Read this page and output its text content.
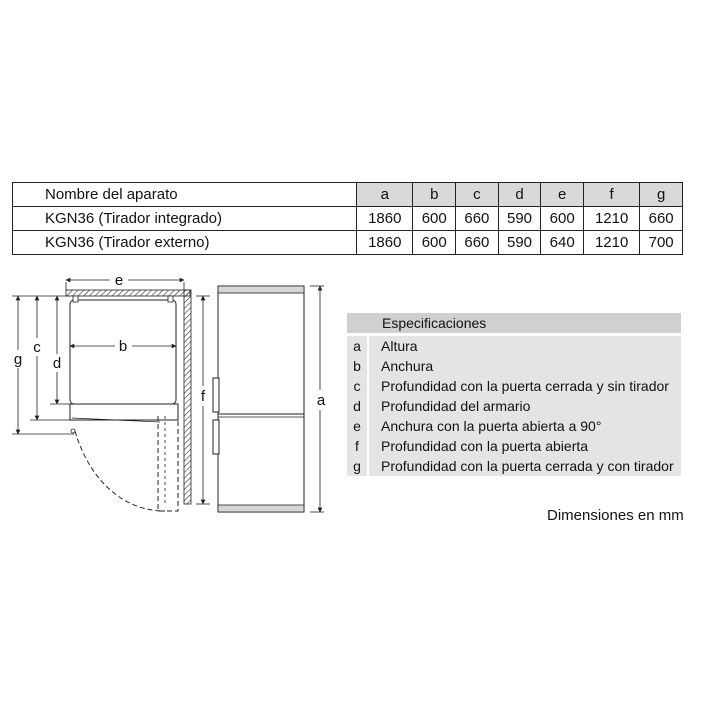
Nombre del aparato	a	b	c	d	e	f	g
KGN36 (Tirador integrado)	1860	600	660	590	600	1210	660
KGN36 (Tirador externo)	1860	600	660	590	640	1210	700
e
b
g
c
d
f	a
Especificaciones
a	Altura
b	Anchura
c	Profundidad con la puerta cerrada y sin tirador
d	Profundidad del armario
e	Anchura con la puerta abierta a 90°
f	Profundidad con la puerta abierta
g	Profundidad con la puerta cerrada y con tirador
Dimensiones en mm
